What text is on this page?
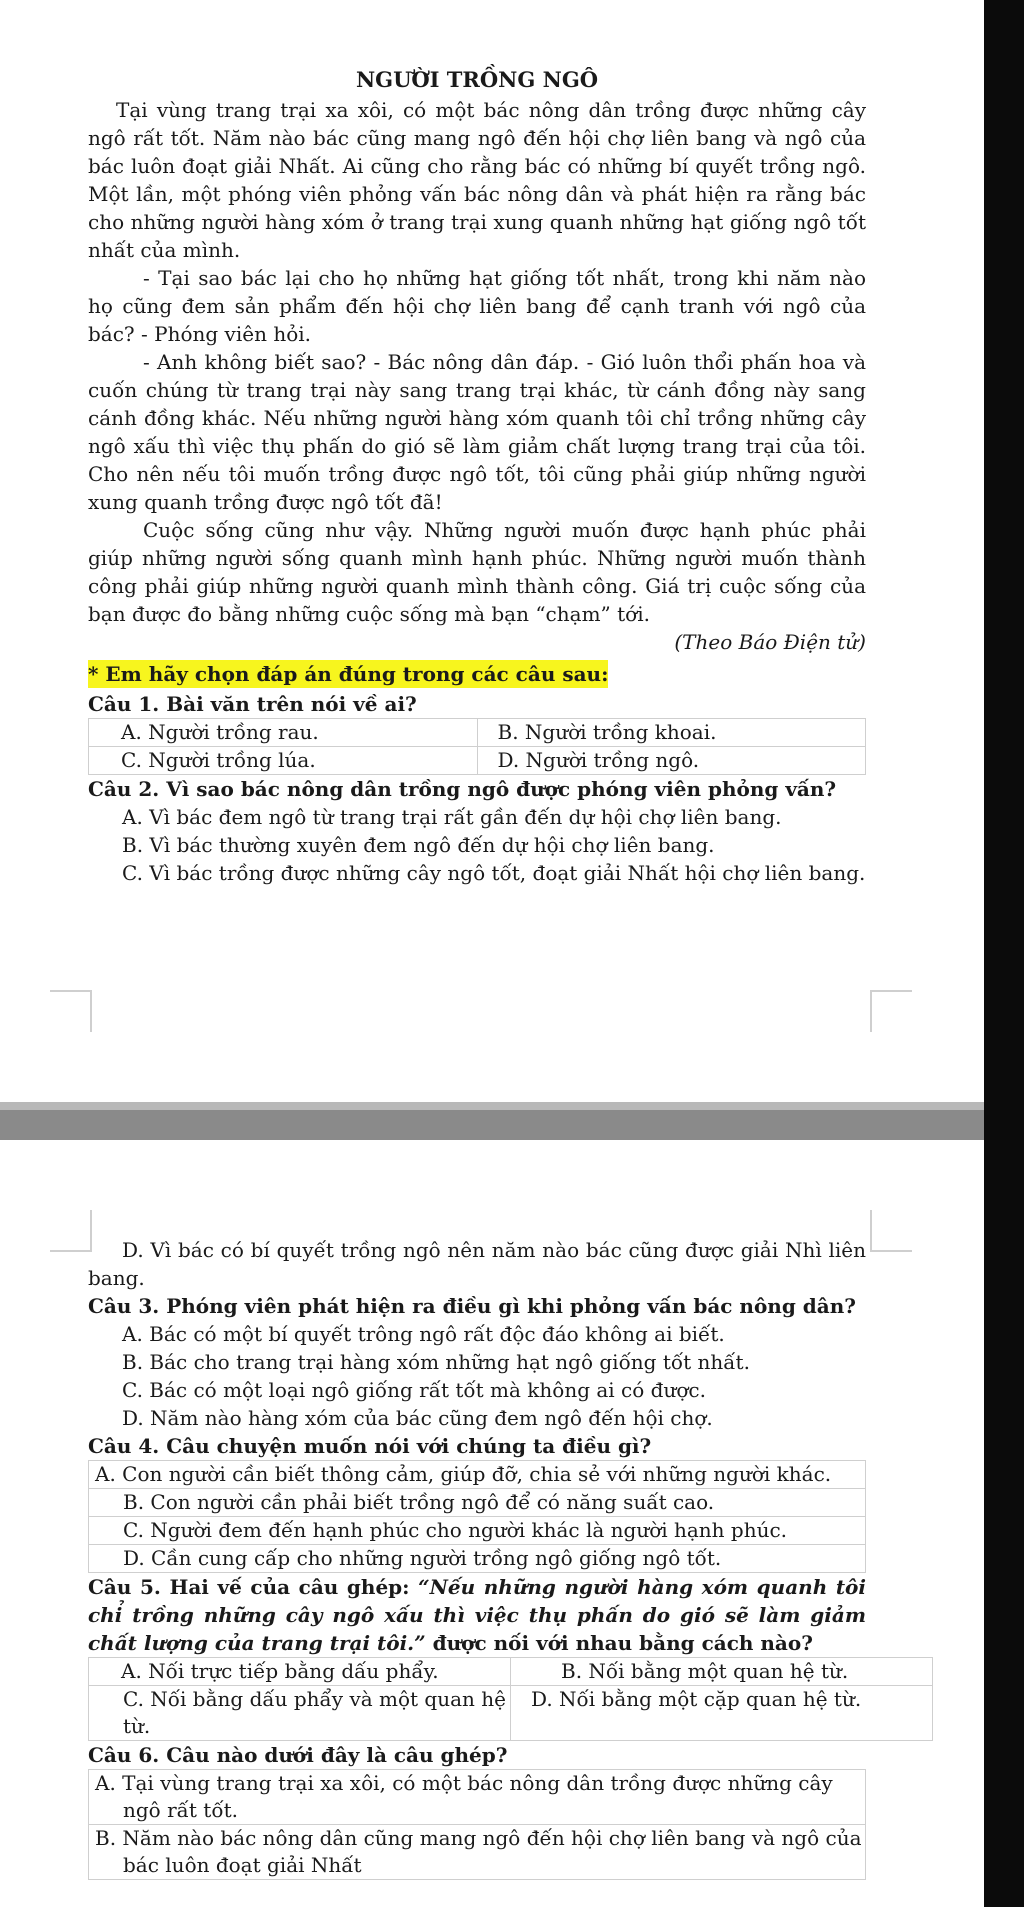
NGƯỜI TRỒNG NGÔ

Tại vùng trang trại xa xôi, có một bác nông dân trồng được những cây ngô rất tốt. Năm nào bác cũng mang ngô đến hội chợ liên bang và ngô của bác luôn đoạt giải Nhất. Ai cũng cho rằng bác có những bí quyết trồng ngô. Một lần, một phóng viên phỏng vấn bác nông dân và phát hiện ra rằng bác cho những người hàng xóm ở trang trại xung quanh những hạt giống ngô tốt nhất của mình.

- Tại sao bác lại cho họ những hạt giống tốt nhất, trong khi năm nào họ cũng đem sản phẩm đến hội chợ liên bang để cạnh tranh với ngô của bác? - Phóng viên hỏi.

- Anh không biết sao? - Bác nông dân đáp. - Gió luôn thổi phấn hoa và cuốn chúng từ trang trại này sang trang trại khác, từ cánh đồng này sang cánh đồng khác. Nếu những người hàng xóm quanh tôi chỉ trồng những cây ngô xấu thì việc thụ phấn do gió sẽ làm giảm chất lượng trang trại của tôi. Cho nên nếu tôi muốn trồng được ngô tốt, tôi cũng phải giúp những người xung quanh trồng được ngô tốt đã!

Cuộc sống cũng như vậy. Những người muốn được hạnh phúc phải giúp những người sống quanh mình hạnh phúc. Những người muốn thành công phải giúp những người quanh mình thành công. Giá trị cuộc sống của bạn được đo bằng những cuộc sống mà bạn “chạm” tới.

(Theo Báo Điện tử)

* Em hãy chọn đáp án đúng trong các câu sau:

Câu 1. Bài văn trên nói về ai?

A. Người trồng rau.	B. Người trồng khoai.
C. Người trồng lúa.	D. Người trồng ngô.

Câu 2. Vì sao bác nông dân trồng ngô được phóng viên phỏng vấn?

A. Vì bác đem ngô từ trang trại rất gần đến dự hội chợ liên bang.

B. Vì bác thường xuyên đem ngô đến dự hội chợ liên bang.

C. Vì bác trồng được những cây ngô tốt, đoạt giải Nhất hội chợ liên bang.

D. Vì bác có bí quyết trồng ngô nên năm nào bác cũng được giải Nhì liên bang.

Câu 3. Phóng viên phát hiện ra điều gì khi phỏng vấn bác nông dân?

A. Bác có một bí quyết trông ngô rất độc đáo không ai biết.

B. Bác cho trang trại hàng xóm những hạt ngô giống tốt nhất.

C. Bác có một loại ngô giống rất tốt mà không ai có được.

D. Năm nào hàng xóm của bác cũng đem ngô đến hội chợ.

Câu 4. Câu chuyện muốn nói với chúng ta điều gì?

A. Con người cần biết thông cảm, giúp đỡ, chia sẻ với những người khác.
B. Con người cần phải biết trồng ngô để có năng suất cao.
C. Người đem đến hạnh phúc cho người khác là người hạnh phúc.
D. Cần cung cấp cho những người trồng ngô giống ngô tốt.

Câu 5. Hai vế của câu ghép: “Nếu những người hàng xóm quanh tôi chỉ trồng những cây ngô xấu thì việc thụ phấn do gió sẽ làm giảm chất lượng của trang trại tôi.” được nối với nhau bằng cách nào?

A. Nối trực tiếp bằng dấu phẩy.	B. Nối bằng một quan hệ từ.
C. Nối bằng dấu phẩy và một quan hệ từ.	D. Nối bằng một cặp quan hệ từ.

Câu 6. Câu nào dưới đây là câu ghép?

A. Tại vùng trang trại xa xôi, có một bác nông dân trồng được những cây ngô rất tốt.
B. Năm nào bác nông dân cũng mang ngô đến hội chợ liên bang và ngô của bác luôn đoạt giải Nhất
